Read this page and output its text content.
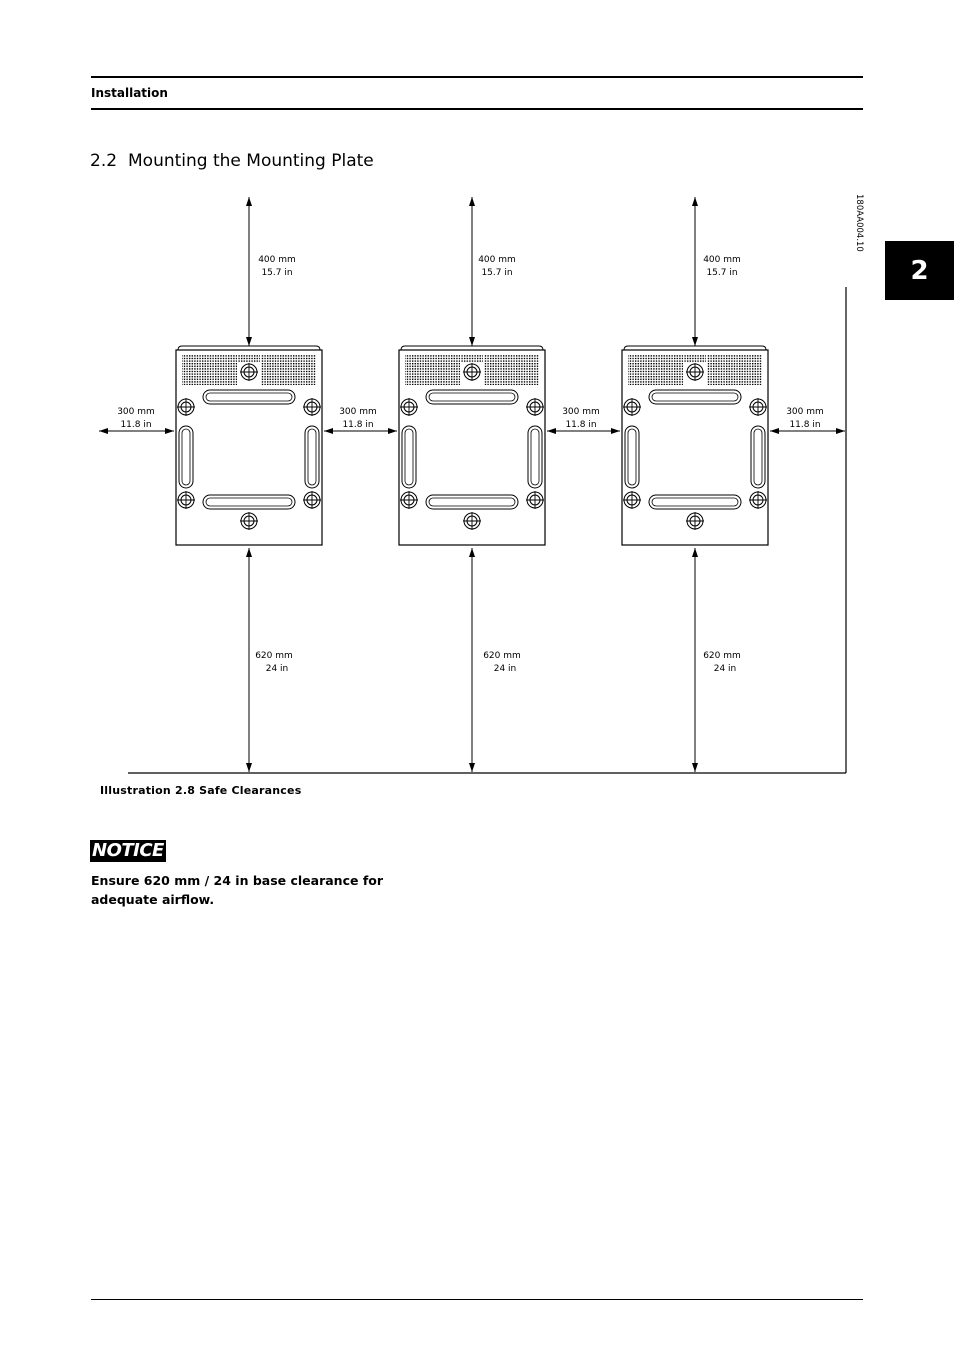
Installation
2
2.2 Mounting the Mounting Plate
180AA004.10
400 mm
15.7 in
400 mm
15.7 in
400 mm
15.7 in
300 mm
11.8 in
300 mm
11.8 in
300 mm
11.8 in
300 mm
11.8 in
620 mm
24 in
620 mm
24 in
620 mm
24 in
Illustration 2.8 Safe Clearances
NOTICE
Ensure 620 mm / 24 in base clearance for adequate airflow.
